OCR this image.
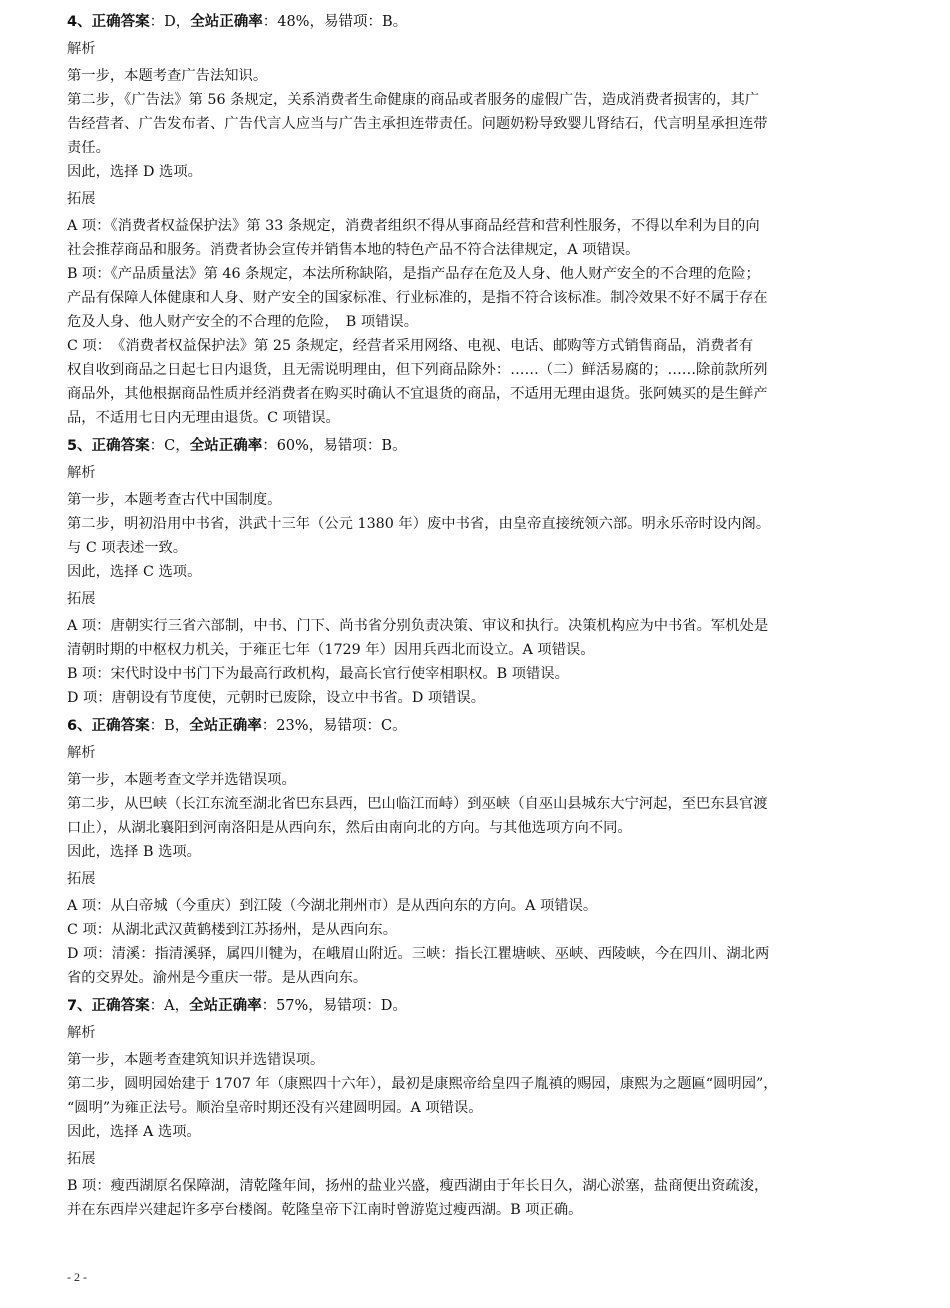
4、正确答案：D，全站正确率：48%，易错项：B。
解析
第一步，本题考查广告法知识。
第二步，《广告法》第 56 条规定，关系消费者生命健康的商品或者服务的虚假广告，造成消费者损害的，其广
告经营者、广告发布者、广告代言人应当与广告主承担连带责任。问题奶粉导致婴儿肾结石，代言明星承担连带
责任。
因此，选择 D 选项。
拓展
A 项：《消费者权益保护法》第 33 条规定，消费者组织不得从事商品经营和营利性服务，不得以牟利为目的向
社会推荐商品和服务。消费者协会宣传并销售本地的特色产品不符合法律规定，A 项错误。
B 项：《产品质量法》第 46 条规定，本法所称缺陷，是指产品存在危及人身、他人财产安全的不合理的危险；
产品有保障人体健康和人身、财产安全的国家标准、行业标准的，是指不符合该标准。制冷效果不好不属于存在
危及人身、他人财产安全的不合理的危险，　B 项错误。
C 项：　《消费者权益保护法》第 25 条规定，经营者采用网络、电视、电话、邮购等方式销售商品，消费者有
权自收到商品之日起七日内退货，且无需说明理由，但下列商品除外：……（二）鲜活易腐的；……除前款所列
商品外，其他根据商品性质并经消费者在购买时确认不宜退货的商品，不适用无理由退货。张阿姨买的是生鲜产
品，不适用七日内无理由退货。C 项错误。
5、正确答案：C，全站正确率：60%，易错项：B。
解析
第一步，本题考查古代中国制度。
第二步，明初沿用中书省，洪武十三年（公元 1380 年）废中书省，由皇帝直接统领六部。明永乐帝时设内阁。
与 C 项表述一致。
因此，选择 C 选项。
拓展
A 项：唐朝实行三省六部制，中书、门下、尚书省分别负责决策、审议和执行。决策机构应为中书省。军机处是
清朝时期的中枢权力机关，于雍正七年（1729 年）因用兵西北而设立。A 项错误。
B 项：宋代时设中书门下为最高行政机构，最高长官行使宰相职权。B 项错误。
D 项：唐朝设有节度使，元朝时已废除，设立中书省。D 项错误。
6、正确答案：B，全站正确率：23%，易错项：C。
解析
第一步，本题考查文学并选错误项。
第二步，从巴峡（长江东流至湖北省巴东县西，巴山临江而峙）到巫峡（自巫山县城东大宁河起，至巴东县官渡
口止），从湖北襄阳到河南洛阳是从西向东，然后由南向北的方向。与其他选项方向不同。
因此，选择 B 选项。
拓展
A 项：从白帝城（今重庆）到江陵（今湖北荆州市）是从西向东的方向。A 项错误。
C 项：从湖北武汉黄鹤楼到江苏扬州，是从西向东。
D 项：清溪：指清溪驿，属四川犍为，在峨眉山附近。三峡：指长江瞿塘峡、巫峡、西陵峡，今在四川、湖北两
省的交界处。渝州是今重庆一带。是从西向东。
7、正确答案：A，全站正确率：57%，易错项：D。
解析
第一步，本题考查建筑知识并选错误项。
第二步，圆明园始建于 1707 年（康熙四十六年），最初是康熙帝给皇四子胤禛的赐园，康熙为之题匾“圆明园”，
“圆明”为雍正法号。顺治皇帝时期还没有兴建圆明园。A 项错误。
因此，选择 A 选项。
拓展
B 项：瘦西湖原名保障湖，清乾隆年间，扬州的盐业兴盛，瘦西湖由于年长日久，湖心淤塞，盐商便出资疏浚，
并在东西岸兴建起许多亭台楼阁。乾隆皇帝下江南时曾游览过瘦西湖。B 项正确。
- 2 -
